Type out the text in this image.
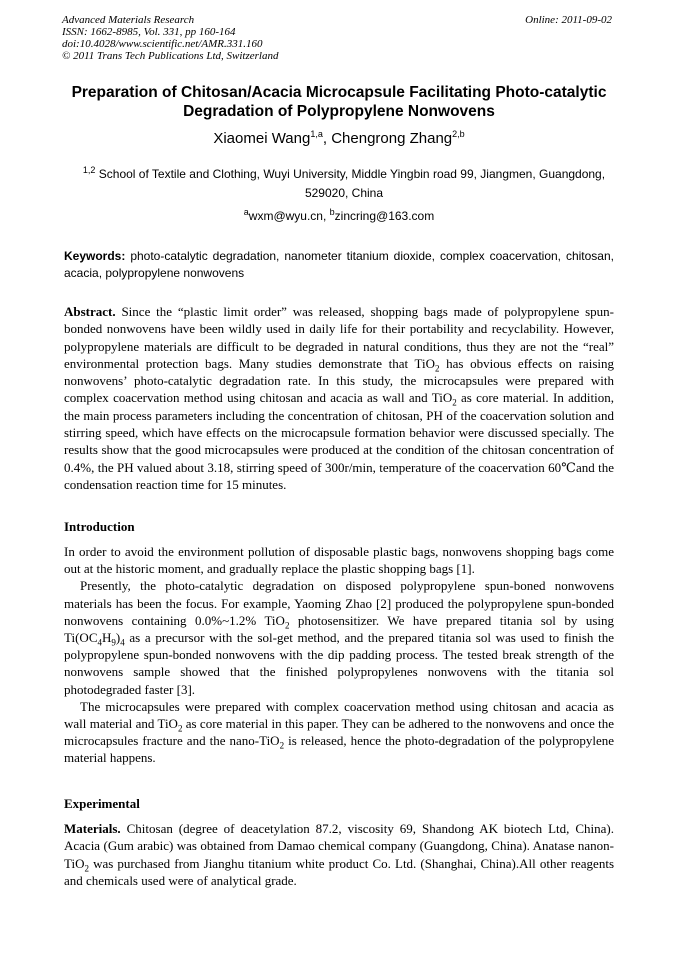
Advanced Materials Research
ISSN: 1662-8985, Vol. 331, pp 160-164
doi:10.4028/www.scientific.net/AMR.331.160
© 2011 Trans Tech Publications Ltd, Switzerland
Online: 2011-09-02
Preparation of Chitosan/Acacia Microcapsule Facilitating Photo-catalytic
Degradation of Polypropylene Nonwovens
Xiaomei Wang$^{1,a}$, Chengrong Zhang$^{2,b}$
$^{1,2}$ School of Textile and Clothing, Wuyi University, Middle Yingbin road 99, Jiangmen, Guangdong, 529020, China
$^a$wxm@wyu.cn, $^b$zincring@163.com
Keywords: photo-catalytic degradation, nanometer titanium dioxide, complex coacervation, chitosan, acacia, polypropylene nonwovens

Abstract. Since the “plastic limit order” was released, shopping bags made of polypropylene spun-bonded nonwovens have been wildly used in daily life for their portability and recyclability. However, polypropylene materials are difficult to be degraded in natural conditions, thus they are not the “real” environmental protection bags. Many studies demonstrate that TiO$_2$ has obvious effects on raising nonwovens’ photo-catalytic degradation rate. In this study, the microcapsules were prepared with complex coacervation method using chitosan and acacia as wall and TiO$_2$ as core material. In addition, the main process parameters including the concentration of chitosan, PH of the coacervation solution and stirring speed, which have effects on the microcapsule formation behavior were discussed specially. The results show that the good microcapsules were produced at the condition of the chitosan concentration of 0.4%, the PH valued about 3.18, stirring speed of 300r/min, temperature of the coacervation 60℃and the condensation reaction time for 15 minutes.

Introduction

In order to avoid the environment pollution of disposable plastic bags, nonwovens shopping bags come out at the historic moment, and gradually replace the plastic shopping bags [1].

Presently, the photo-catalytic degradation on disposed polypropylene spun-boned nonwovens materials has been the focus. For example, Yaoming Zhao [2] produced the polypropylene spun-bonded nonwovens containing 0.0%~1.2% TiO$_2$ photosensitizer. We have prepared titania sol by using $Ti(OC_4H_9)_4$ as a precursor with the sol-get method, and the prepared titania sol was used to finish the polypropylene spun-bonded nonwovens with the dip padding process. The tested break strength of the nonwovens sample showed that the finished polypropylenes nonwovens with the titania sol photodegraded faster [3].

The microcapsules were prepared with complex coacervation method using chitosan and acacia as wall material and TiO$_2$ as core material in this paper. They can be adhered to the nonwovens and once the microcapsules fracture and the nano-TiO$_2$ is released, hence the photo-degradation of the polypropylene material happens.

Experimental

Materials. Chitosan (degree of deacetylation 87.2, viscosity 69, Shandong AK biotech Ltd, China). Acacia (Gum arabic) was obtained from Damao chemical company (Guangdong, China). Anatase nanon-TiO$_2$ was purchased from Jianghu titanium white product Co. Ltd. (Shanghai, China).All other reagents and chemicals used were of analytical grade.
